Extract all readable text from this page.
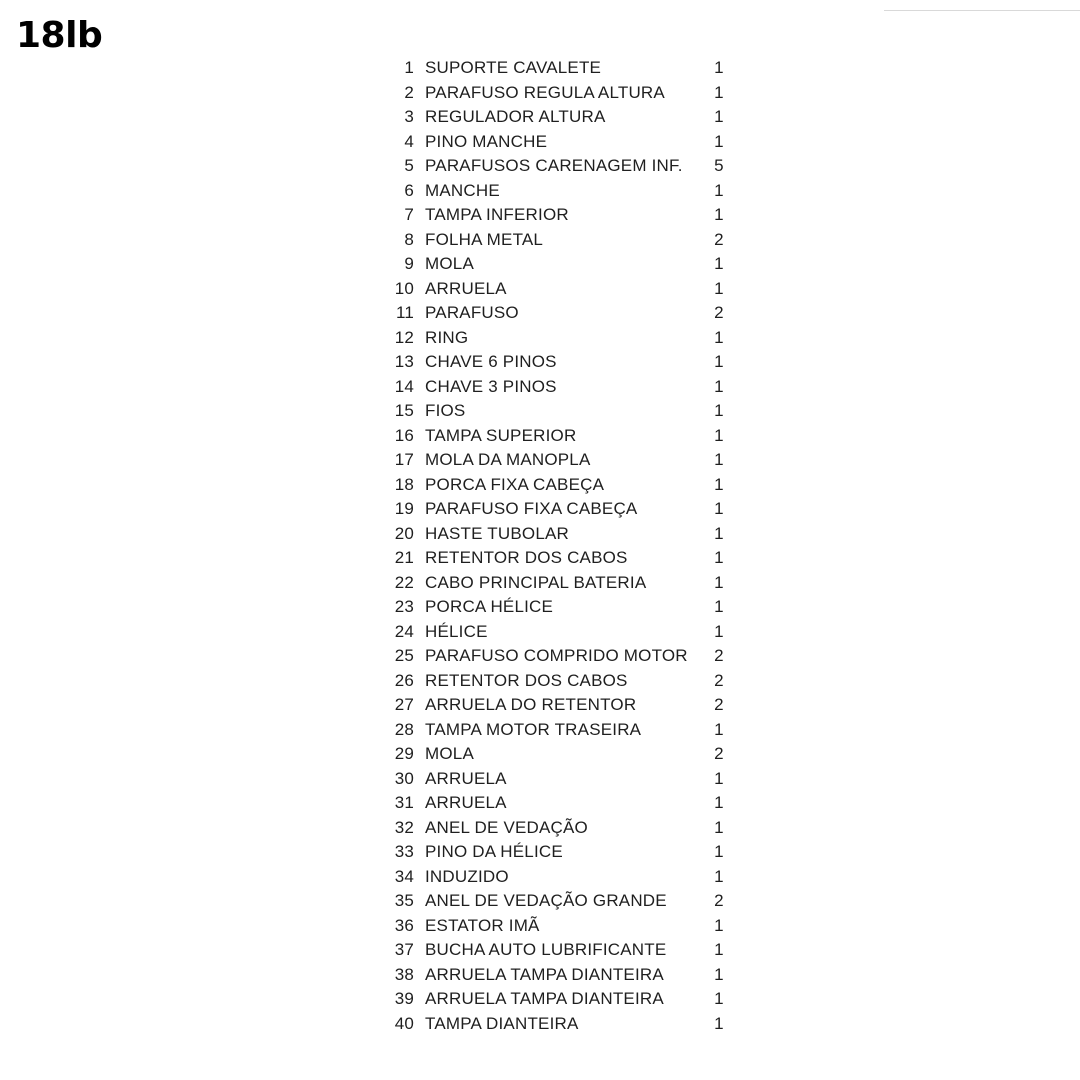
18lb
1 SUPORTE CAVALETE	1
2 PARAFUSO REGULA ALTURA	1
3 REGULADOR ALTURA	1
4 PINO MANCHE	1
5 PARAFUSOS CARENAGEM INF.	5
6 MANCHE	1
7 TAMPA INFERIOR	1
8 FOLHA METAL	2
9 MOLA	1
10 ARRUELA	1
11 PARAFUSO	2
12 RING	1
13 CHAVE 6 PINOS	1
14 CHAVE 3 PINOS	1
15 FIOS	1
16 TAMPA SUPERIOR	1
17 MOLA DA MANOPLA	1
18 PORCA FIXA CABEÇA	1
19 PARAFUSO FIXA CABEÇA	1
20 HASTE TUBOLAR	1
21 RETENTOR DOS CABOS	1
22 CABO PRINCIPAL BATERIA	1
23 PORCA HÉLICE	1
24 HÉLICE	1
25 PARAFUSO COMPRIDO MOTOR	2
26 RETENTOR DOS CABOS	2
27 ARRUELA DO RETENTOR	2
28 TAMPA MOTOR TRASEIRA	1
29 MOLA	2
30 ARRUELA	1
31 ARRUELA	1
32 ANEL DE VEDAÇÃO	1
33 PINO DA HÉLICE	1
34 INDUZIDO	1
35 ANEL DE VEDAÇÃO GRANDE	2
36 ESTATOR IMÃ	1
37 BUCHA AUTO LUBRIFICANTE	1
38 ARRUELA TAMPA DIANTEIRA	1
39 ARRUELA TAMPA DIANTEIRA	1
40 TAMPA DIANTEIRA	1
